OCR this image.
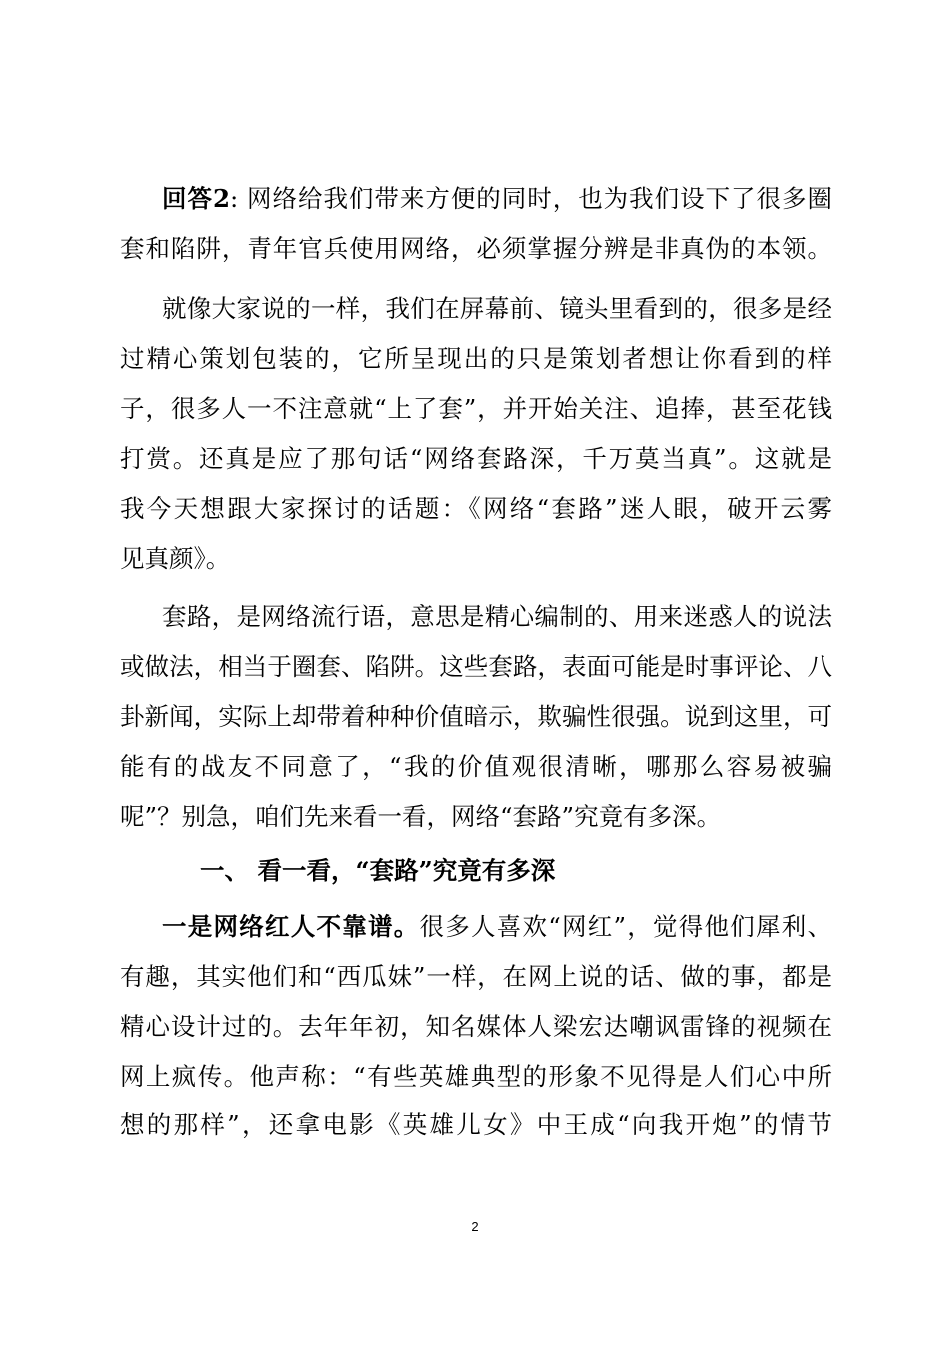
回答2: 网络给我们带来方便的同时，也为我们设下了很多圈
套和陷阱，青年官兵使用网络，必须掌握分辨是非真伪的本领。
就像大家说的一样，我们在屏幕前、镜头里看到的，很多是经
过精心策划包装的，它所呈现出的只是策划者想让你看到的样
子，很多人一不注意就“上了套”，并开始关注、追捧，甚至花钱
打赏。还真是应了那句话“网络套路深，千万莫当真”。这就是
我今天想跟大家探讨的话题：《网络“套路”迷人眼，破开云雾
见真颜》。
套路，是网络流行语，意思是精心编制的、用来迷惑人的说法
或做法，相当于圈套、陷阱。这些套路，表面可能是时事评论、八
卦新闻，实际上却带着种种价值暗示，欺骗性很强。说到这里，可
能有的战友不同意了，“我的价值观很清晰，哪那么容易被骗
呢”？别急，咱们先来看一看，网络“套路”究竟有多深。
一、 看一看，“套路”究竟有多深
一是网络红人不靠谱。很多人喜欢“网红”，觉得他们犀利、
有趣，其实他们和“西瓜妹”一样，在网上说的话、做的事，都是
精心设计过的。去年年初，知名媒体人梁宏达嘲讽雷锋的视频在
网上疯传。他声称：“有些英雄典型的形象不见得是人们心中所
想的那样”，还拿电影《英雄儿女》中王成“向我开炮”的情节
2
